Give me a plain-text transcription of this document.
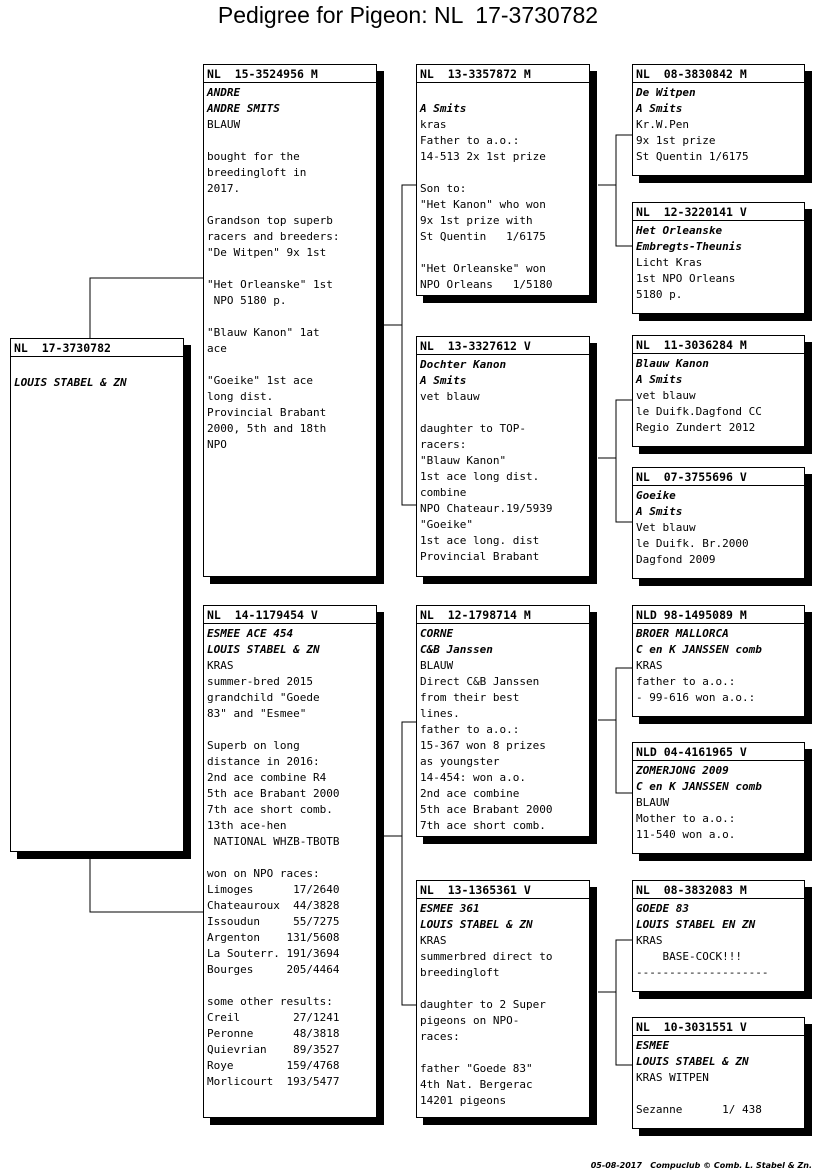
Pedigree for Pigeon: NL  17-3730782
NL  17-3730782
LOUIS STABEL & ZN
NL  15-3524956 M
ANDRE
ANDRE SMITS
BLAUW
bought for the
breedingloft in
2017.
Grandson top superb
racers and breeders:
"De Witpen" 9x 1st
"Het Orleanske" 1st
NPO 5180 p.
"Blauw Kanon" 1at
ace
"Goeike" 1st ace
long dist.
Provincial Brabant
2000, 5th and 18th
NPO
NL  14-1179454 V
ESMEE ACE 454
LOUIS STABEL & ZN
KRAS
summer-bred 2015
grandchild "Goede
83" and "Esmee"
Superb on long
distance in 2016:
2nd ace combine R4
5th ace Brabant 2000
7th ace short comb.
13th ace-hen
NATIONAL WHZB-TBOTB
won on NPO races:
Limoges      17/2640
Chateauroux  44/3828
Issoudun     55/7275
Argenton    131/5608
La Souterr. 191/3694
Bourges     205/4464
some other results:
Creil        27/1241
Peronne      48/3818
Quievrian    89/3527
Roye        159/4768
Morlicourt  193/5477
NL  13-3357872 M
A Smits
kras
Father to a.o.:
14-513 2x 1st prize
Son to:
"Het Kanon" who won
9x 1st prize with
St Quentin   1/6175
"Het Orleanske" won
NPO Orleans   1/5180
NL  13-3327612 V
Dochter Kanon
A Smits
vet blauw
daughter to TOP-
racers:
"Blauw Kanon"
1st ace long dist.
combine
NPO Chateaur.19/5939
"Goeike"
1st ace long. dist
Provincial Brabant
NL  12-1798714 M
CORNE
C&B Janssen
BLAUW
Direct C&B Janssen
from their best
lines.
father to a.o.:
15-367 won 8 prizes
as youngster
14-454: won a.o.
2nd ace combine
5th ace Brabant 2000
7th ace short comb.
NL  13-1365361 V
ESMEE 361
LOUIS STABEL & ZN
KRAS
summerbred direct to
breedingloft
daughter to 2 Super
pigeons on NPO-
races:
father "Goede 83"
4th Nat. Bergerac
14201 pigeons
NL  08-3830842 M
De Witpen
A Smits
Kr.W.Pen
9x 1st prize
St Quentin 1/6175
NL  12-3220141 V
Het Orleanske
Embregts-Theunis
Licht Kras
1st NPO Orleans
5180 p.
NL  11-3036284 M
Blauw Kanon
A Smits
vet blauw
le Duifk.Dagfond CC
Regio Zundert 2012
NL  07-3755696 V
Goeike
A Smits
Vet blauw
le Duifk. Br.2000
Dagfond 2009
NLD 98-1495089 M
BROER MALLORCA
C en K JANSSEN comb
KRAS
father to a.o.:
- 99-616 won a.o.:
NLD 04-4161965 V
ZOMERJONG 2009
C en K JANSSEN comb
BLAUW
Mother to a.o.:
11-540 won a.o.
NL  08-3832083 M
GOEDE 83
LOUIS STABEL EN ZN
KRAS
BASE-COCK!!!
--------------------
NL  10-3031551 V
ESMEE
LOUIS STABEL & ZN
KRAS WITPEN
Sezanne      1/ 438
05-08-2017   Compuclub © Comb. L. Stabel & Zn.
